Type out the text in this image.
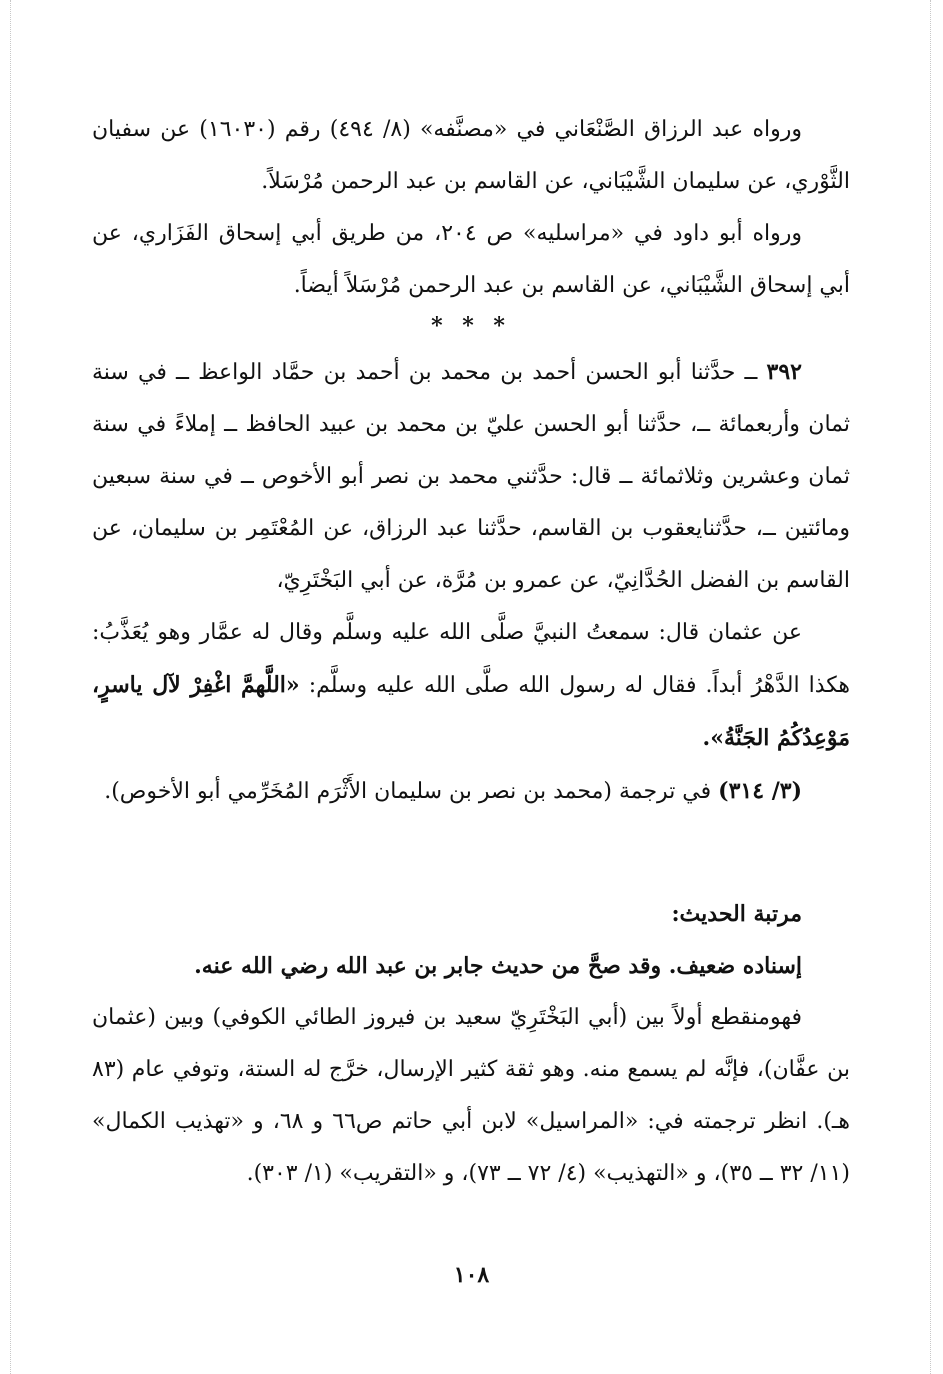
ورواه عبد الرزاق الصَّنْعَاني في «مصنَّفه» (٨/ ٤٩٤) رقم (١٦٠٣٠) عن سفيان الثَّوْري، عن سليمان الشَّيْبَاني، عن القاسم بن عبد الرحمن مُرْسَلاً.

ورواه أبو داود في «مراسليه» ص ٢٠٤، من طريق أبي إسحاق الفَزَاري، عن أبي إسحاق الشَّيْبَاني، عن القاسم بن عبد الرحمن مُرْسَلاً أيضاً.

* * *

٣٩٢ ــ حدَّثنا أبو الحسن أحمد بن محمد بن أحمد بن حمَّاد الواعظ ــ في سنة ثمان وأربعمائة ــ، حدَّثنا أبو الحسن عليّ بن محمد بن عبيد الحافظ ــ إملاءً في سنة ثمان وعشرين وثلاثمائة ــ قال: حدَّثني محمد بن نصر أبو الأخوص ــ في سنة سبعين ومائتين ــ، حدَّثنايعقوب بن القاسم، حدَّثنا عبد الرزاق، عن المُعْتَمِر بن سليمان، عن القاسم بن الفضل الحُدَّانِيّ، عن عمرو بن مُرَّة، عن أبي البَخْتَرِيّ،

عن عثمان قال: سمعتُ النبيَّ صلَّى الله عليه وسلَّم وقال له عمَّار وهو يُعَذَّبُ: هكذا الدَّهْرُ أبداً. فقال له رسول الله صلَّى الله عليه وسلَّم: «اللَّهمَّ اغْفِرْ لآل ياسرٍ، مَوْعِدُكُمُ الجَنَّةُ».

(٣/ ٣١٤) في ترجمة (محمد بن نصر بن سليمان الأَثْرَم المُخَرِّمي أبو الأخوص).

مرتبة الحديث:

إسناده ضعيف. وقد صحَّ من حديث جابر بن عبد الله رضي الله عنه.

فهومنقطع أولاً بين (أبي البَخْتَرِيّ سعيد بن فيروز الطائي الكوفي) وبين (عثمان بن عفَّان)، فإنَّه لم يسمع منه. وهو ثقة كثير الإرسال، خرَّج له الستة، وتوفي عام (٨٣ هـ). انظر ترجمته في: «المراسيل» لابن أبي حاتم ص٦٦ و ٦٨، و «تهذيب الكمال» (١١/ ٣٢ ــ ٣٥)، و «التهذيب» (٤/ ٧٢ ــ ٧٣)، و «التقريب» (١/ ٣٠٣).

١٠٨
